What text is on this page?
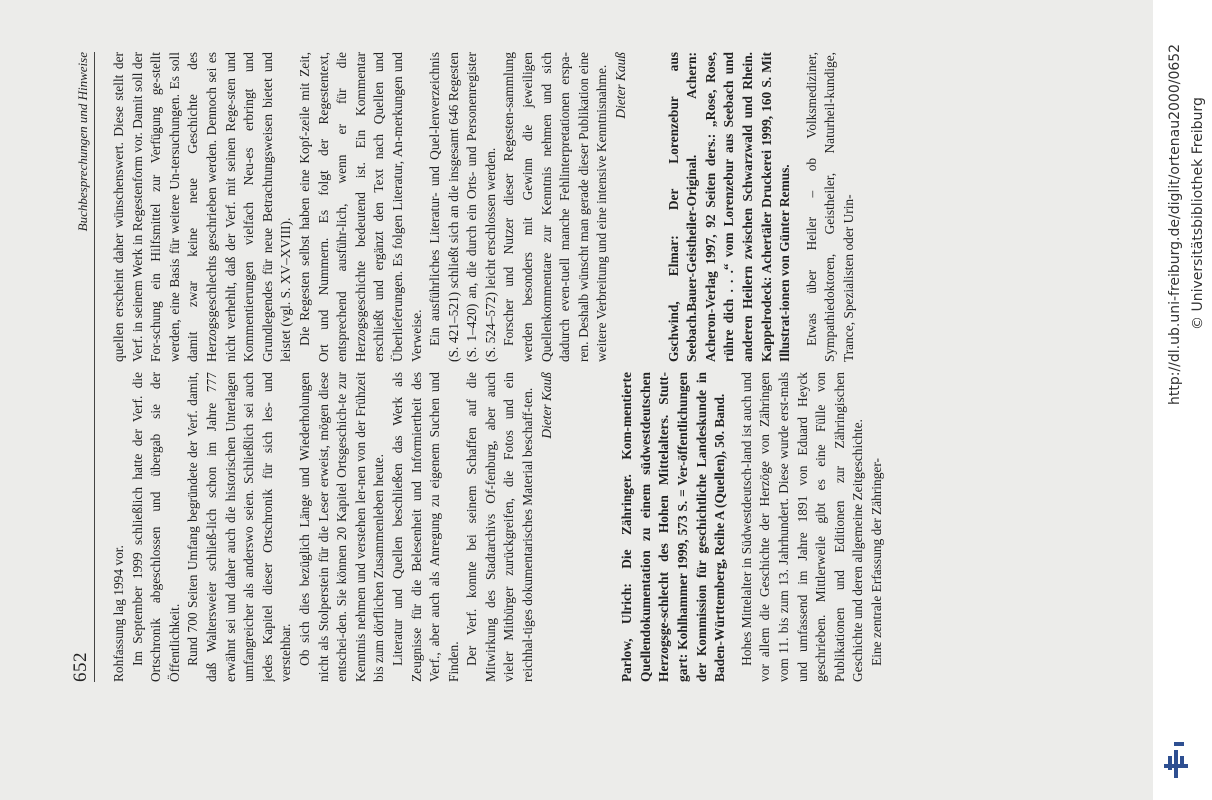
652
Buchbesprechungen und Hinweise

Rohfassung lag 1994 vor. Im September 1999 schließlich hatte der Verf. die Ortschronik abgeschlossen und übergab sie der Öffentlichkeit. Rund 700 Seiten Umfang begründete der Verf. damit, daß Waltersweier schließ-lich schon im Jahre 777 erwähnt sei und daher auch die historischen Unterlagen umfangreicher als anderswo seien. Schließlich sei auch jedes Kapitel dieser Ortschronik für sich les- und verstehbar. Ob sich dies bezüglich Länge und Wiederholungen nicht als Stolperstein für die Leser erweist, mögen diese entschei-den. Sie können 20 Kapitel Ortsgeschich-te zur Kenntnis nehmen und verstehen ler-nen von der Frühzeit bis zum dörflichen Zusammenleben heute. Literatur und Quellen beschließen das Werk als Zeugnisse für die Belesenheit und Informiertheit des Verf., aber auch als Anregung zu eigenem Suchen und Finden. Der Verf. konnte bei seinem Schaffen auf die Mitwirkung des Stadtarchivs Of-fenburg, aber auch vieler Mitbürger zurückgreifen, die Fotos und ein reichhal-tiges dokumentarisches Material beschaff-ten. Dieter Kauß	Parlow, Ulrich: Die Zähringer. Kom-mentierte Quellendokumentation zu einem südwestdeutschen Herzogsge-schlecht des Hohen Mittelalters. Stutt-gart: Kohlhammer 1999, 573 S. = Ver-öffentlichungen der Kommission für geschichtliche Landeskunde in Baden-Württemberg, Reihe A (Quellen), 50. Band. Hohes Mittelalter in Südwestdeutsch-land ist auch und vor allem die Geschichte der Herzöge von Zähringen vom 11. bis zum 13. Jahrhundert. Diese wurde erst-mals und umfassend im Jahre 1891 von Eduard Heyck geschrieben. Mittlerweile gibt es eine Fülle von Publikationen und Editionen zur Zähringischen Geschichte und deren allgemeine Zeitgeschichte. Eine zentrale Erfassung der Zähringer-

quellen erscheint daher wünschenswert. Diese stellt der Verf. in seinem Werk in Regestenform vor. Damit soll der For-schung ein Hilfsmittel zur Verfügung ge-stellt werden, eine Basis für weitere Un-tersuchungen. Es soll damit zwar keine neue Geschichte des Herzogsgeschlechts geschrieben werden. Dennoch sei es nicht verhehlt, daß der Verf. mit seinen Rege-sten und Kommentierungen vielfach Neu-es erbringt und Grundlegendes für neue Betrachtungsweisen bietet und leistet (vgl. S. XV–XVIII). Die Regesten selbst haben eine Kopf-zeile mit Zeit, Ort und Nummern. Es folgt der Regestentext, entsprechend ausführ-lich, wenn er für die Herzogsgeschichte bedeutend ist. Ein Kommentar erschließt und ergänzt den Text nach Quellen und Überlieferungen. Es folgen Literatur, An-merkungen und Verweise. Ein ausführliches Literatur- und Quel-lenverzeichnis (S. 421–521) schließt sich an die insgesamt 646 Regesten (S. 1–420) an, die durch ein Orts- und Personenregister (S. 524–572) leicht erschlossen werden. Forscher und Nutzer dieser Regesten-sammlung werden besonders mit Gewinn die jeweiligen Quellenkommentare zur Kenntnis nehmen und sich dadurch even-tuell manche Fehlinterpretationen erspa-ren. Deshalb wünscht man gerade dieser Publikation eine weitere Verbreitung und eine intensive Kenntnisnahme. Dieter Kauß	Gschwind, Elmar: Der Lorenzebur aus Seebach.Bauer-Geistheiler-Original. Achern: Acheron-Verlag 1997, 92 Seiten ders.: „Rose, Rose, rühre dich . . .“ vom Lorenzebur aus Seebach und anderen Heilern zwischen Schwarzwald und Rhein. Kappelrodeck: Achertäler Druckerei 1999, 160 S. Mit Illustrat-ionen von Günter Remus. Etwas über Heiler – ob Volksmediziner, Sympathiedoktoren, Geistheiler, Naturheil-kundige, Trance, Spezialisten oder Urin-	http://dl.ub.uni-freiburg.de/diglit/ortenau2000/0652 © Universitätsbibliothek Freiburg
